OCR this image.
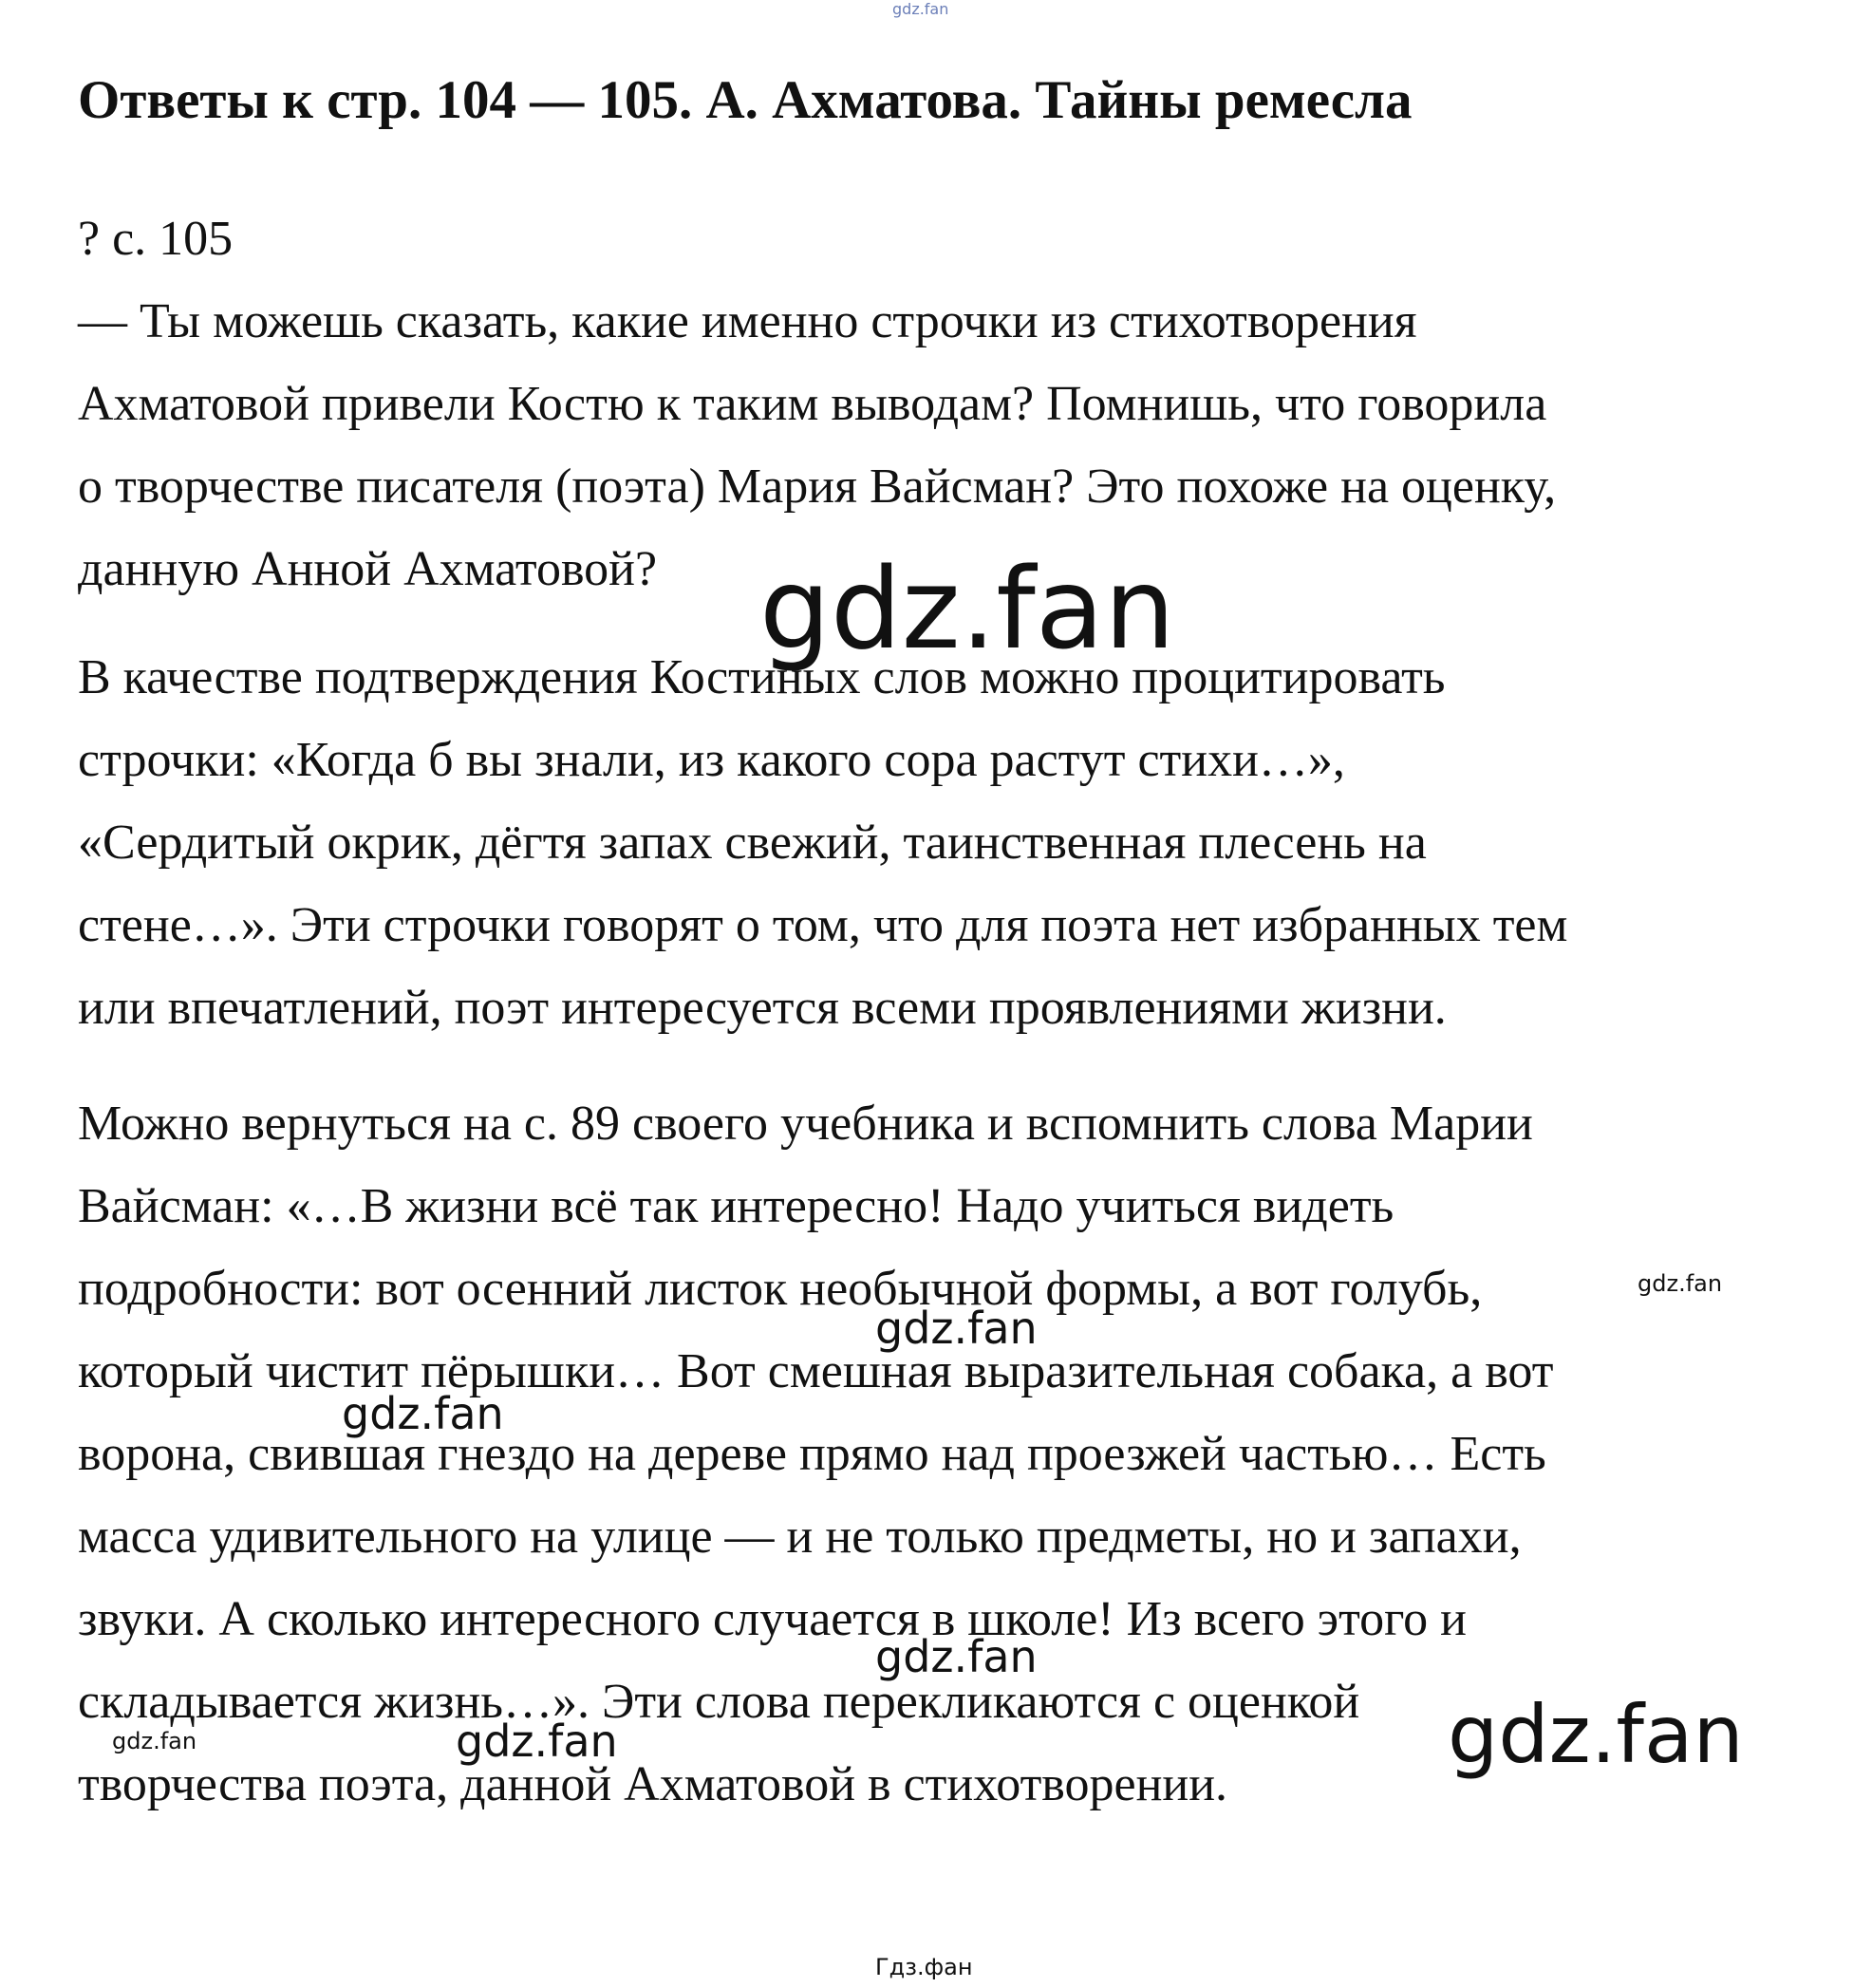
gdz.fan
Ответы к стр. 104 — 105. А. Ахматова. Тайны ремесла
? с. 105
— Ты можешь сказать, какие именно строчки из стихотворения
Ахматовой привели Костю к таким выводам? Помнишь, что говорила
о творчестве писателя (поэта) Мария Вайсман? Это похоже на оценку,
данную Анной Ахматовой?
В качестве подтверждения Костиных слов можно процитировать
строчки: «Когда б вы знали, из какого сора растут стихи…»,
«Сердитый окрик, дёгтя запах свежий, таинственная плесень на
стене…». Эти строчки говорят о том, что для поэта нет избранных тем
или впечатлений, поэт интересуется всеми проявлениями жизни.
Можно вернуться на с. 89 своего учебника и вспомнить слова Марии
Вайсман: «…В жизни всё так интересно! Надо учиться видеть
подробности: вот осенний листок необычной формы, а вот голубь,
который чистит пёрышки… Вот смешная выразительная собака, а вот
ворона, свившая гнездо на дереве прямо над проезжей частью… Есть
масса удивительного на улице — и не только предметы, но и запахи,
звуки. А сколько интересного случается в школе! Из всего этого и
складывается жизнь…». Эти слова перекликаются с оценкой
творчества поэта, данной Ахматовой в стихотворении.
gdz.fan
gdz.fan
gdz.fan
gdz.fan
gdz.fan
gdz.fan
gdz.fan
gdz.fan
Гдз.фан
